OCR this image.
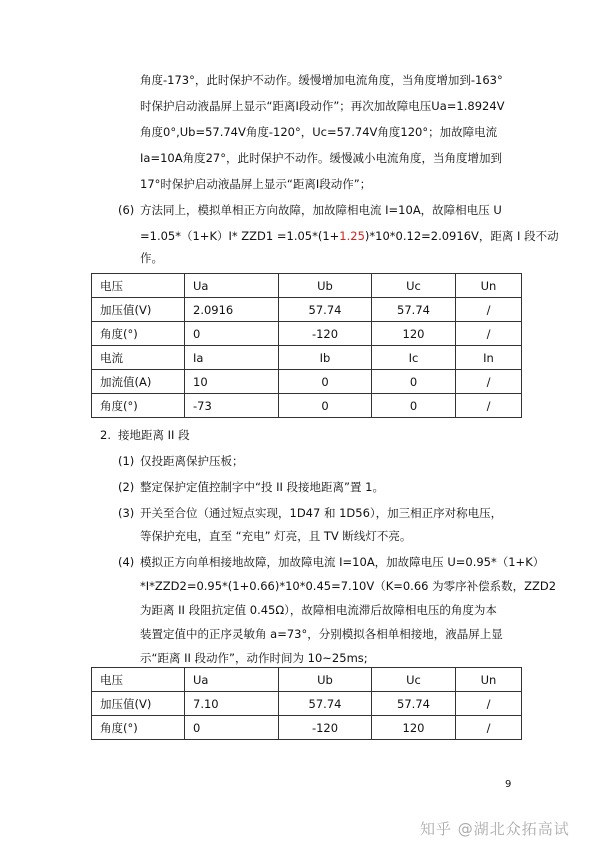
角度-173°，此时保护不动作。缓慢增加电流角度，当角度增加到-163°
时保护启动液晶屏上显示“距离Ⅰ段动作”；再次加故障电压Ua=1.8924V
角度0°,Ub=57.74V角度-120°，Uc=57.74V角度120°；加故障电流
Ia=10A角度27°，此时保护不动作。缓慢减小电流角度，当角度增加到
17°时保护启动液晶屏上显示“距离Ⅰ段动作”；
(6) 方法同上，模拟单相正方向故障，加故障相电流 I=10A，故障相电压 U
=1.05*（1+K）I* ZZD1 =1.05*(1+1.25)*10*0.12=2.0916V，距离 I 段不动
作。
电压	Ua	Ub	Uc	Un
加压值(V)	2.0916	57.74	57.74	/
角度(°)	0	-120	120	/
电流	Ia	Ib	Ic	In
加流值(A)	10	0	0	/
角度(°)	-73	0	0	/
2. 接地距离 II 段
(1) 仅投距离保护压板；
(2) 整定保护定值控制字中“投 II 段接地距离”置 1。
(3) 开关至合位（通过短点实现，1D47 和 1D56），加三相正序对称电压，
等保护充电，直至 “充电” 灯亮，且 TV 断线灯不亮。
(4) 模拟正方向单相接地故障，加故障电流 I=10A，加故障电压 U=0.95*（1+K）
*I*ZZD2=0.95*(1+0.66)*10*0.45=7.10V（K=0.66 为零序补偿系数，ZZD2
为距离 II 段阻抗定值 0.45Ω），故障相电流滞后故障相电压的角度为本
装置定值中的正序灵敏角 a=73°，分别模拟各相单相接地，液晶屏上显
示“距离 II 段动作”，动作时间为 10~25ms;
电压	Ua	Ub	Uc	Un
加压值(V)	7.10	57.74	57.74	/
角度(°)	0	-120	120	/
9
知乎 @湖北众拓高试
